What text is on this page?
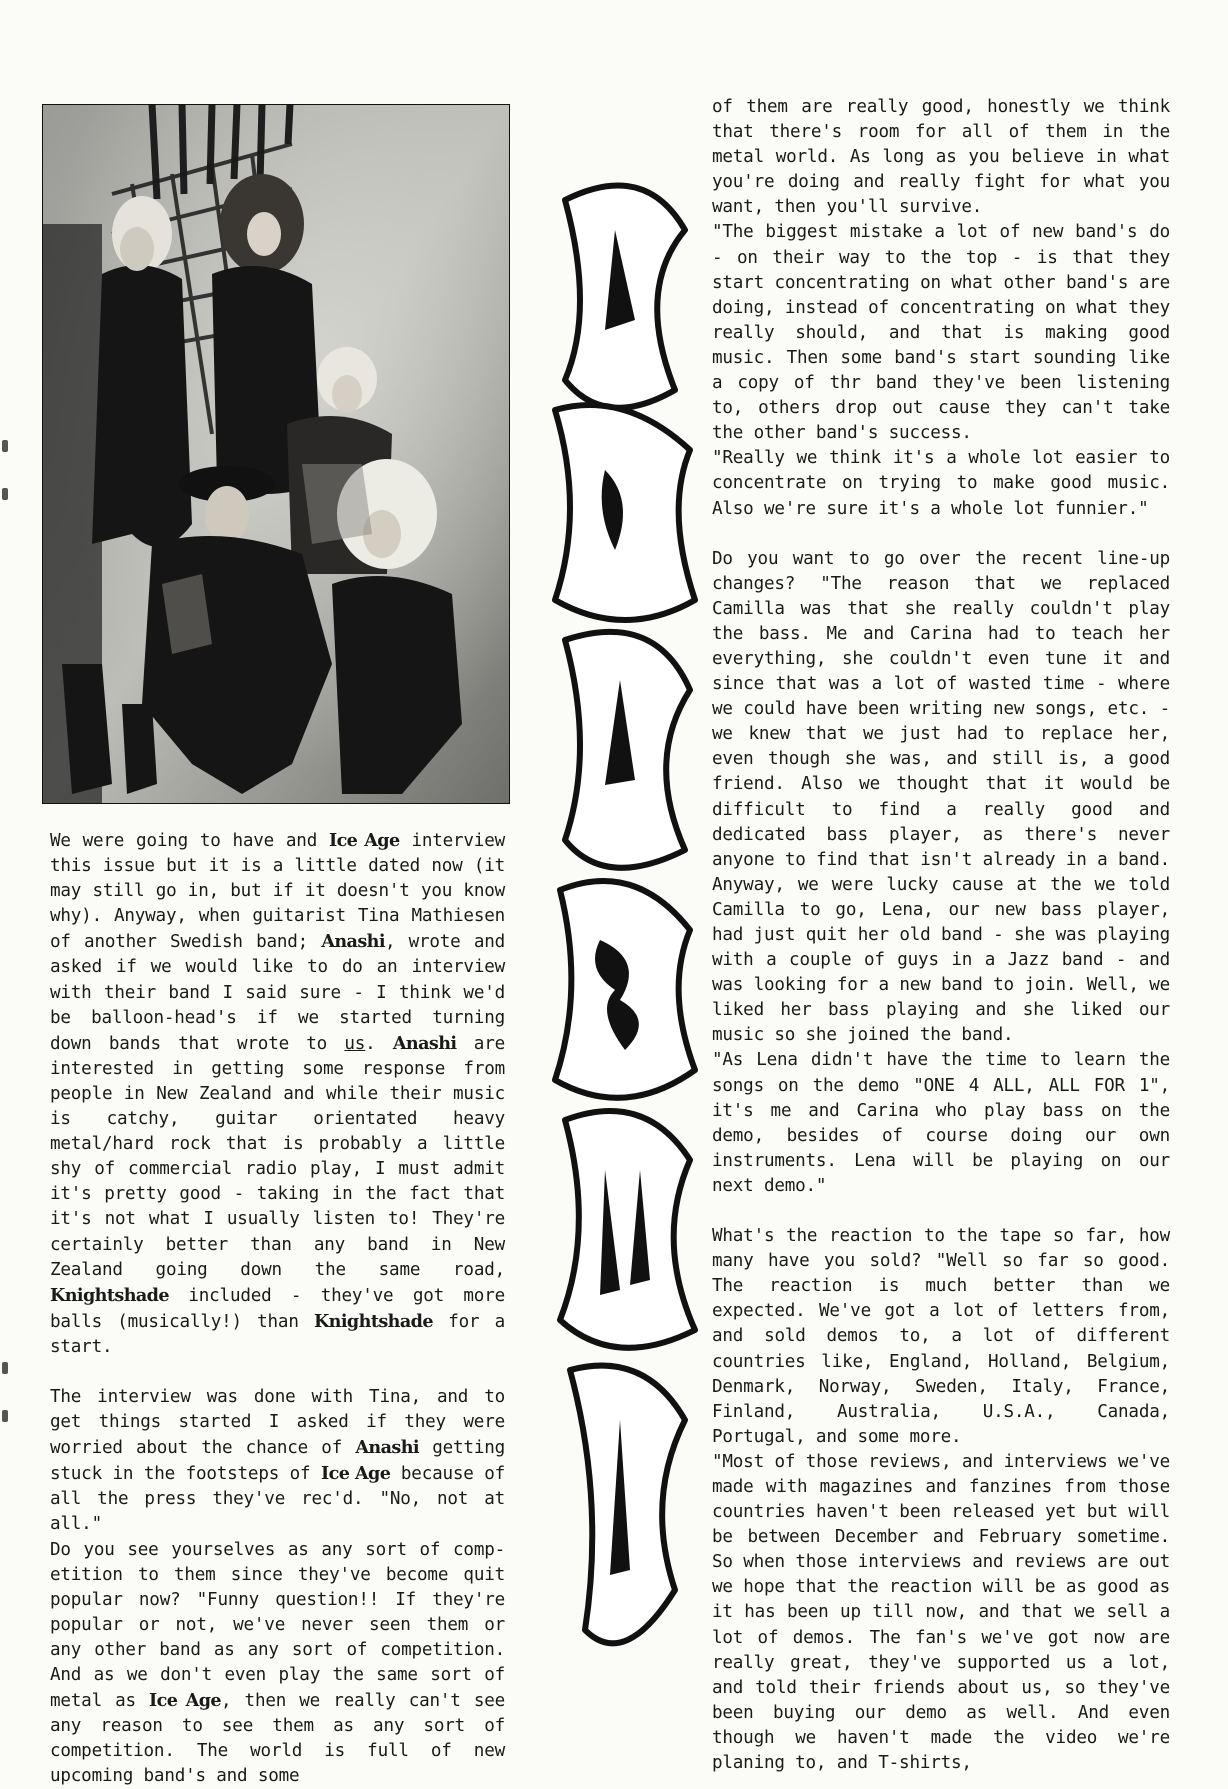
We were going to have and Ice Age interview this issue but it is a little dated now (it may still go in, but if it doesn't you know why). Anyway, when guitarist Tina Mathiesen of another Swedish band; Anashi, wrote and asked if we would like to do an interview with their band I said sure - I think we'd be balloon-head's if we started turning down bands that wrote to us. Anashi are interested in getting some response from people in New Zealand and while their music is catchy, guitar orientated heavy metal/hard rock that is probably a little shy of commercial radio play, I must admit it's pretty good - taking in the fact that it's not what I usually listen to! They're certainly better than any band in New Zealand going down the same road, Knightshade included - they've got more balls (musically!) than Knightshade for a start.

The interview was done with Tina, and to get things started I asked if they were worried about the chance of Anashi getting stuck in the footsteps of Ice Age because of all the press they've rec'd. "No, not at all."

Do you see yourselves as any sort of comp-etition to them since they've become quit popular now? "Funny question!! If they're popular or not, we've never seen them or any other band as any sort of competition. And as we don't even play the same sort of metal as Ice Age, then we really can't see any reason to see them as any sort of competition. The world is full of new upcoming band's and some

of them are really good, honestly we think that there's room for all of them in the metal world. As long as you believe in what you're doing and really fight for what you want, then you'll survive.

"The biggest mistake a lot of new band's do - on their way to the top - is that they start concentrating on what other band's are doing, instead of concentrating on what they really should, and that is making good music. Then some band's start sounding like a copy of thr band they've been listening to, others drop out cause they can't take the other band's success.

"Really we think it's a whole lot easier to concentrate on trying to make good music. Also we're sure it's a whole lot funnier."

Do you want to go over the recent line-up changes? "The reason that we replaced Camilla was that she really couldn't play the bass. Me and Carina had to teach her everything, she couldn't even tune it and since that was a lot of wasted time - where we could have been writing new songs, etc. - we knew that we just had to replace her, even though she was, and still is, a good friend. Also we thought that it would be difficult to find a really good and dedicated bass player, as there's never anyone to find that isn't already in a band. Anyway, we were lucky cause at the we told Camilla to go, Lena, our new bass player, had just quit her old band - she was playing with a couple of guys in a Jazz band - and was looking for a new band to join. Well, we liked her bass playing and she liked our music so she joined the band.

"As Lena didn't have the time to learn the songs on the demo "ONE 4 ALL, ALL FOR 1", it's me and Carina who play bass on the demo, besides of course doing our own instruments. Lena will be playing on our next demo."

What's the reaction to the tape so far, how many have you sold? "Well so far so good. The reaction is much better than we expected. We've got a lot of letters from, and sold demos to, a lot of different countries like, England, Holland, Belgium, Denmark, Norway, Sweden, Italy, France, Finland, Australia, U.S.A., Canada, Portugal, and some more.

"Most of those reviews, and interviews we've made with magazines and fanzines from those countries haven't been released yet but will be between December and February sometime. So when those interviews and reviews are out we hope that the reaction will be as good as it has been up till now, and that we sell a lot of demos. The fan's we've got now are really great, they've supported us a lot, and told their friends about us, so they've been buying our demo as well. And even though we haven't made the video we're planing to, and T-shirts,
